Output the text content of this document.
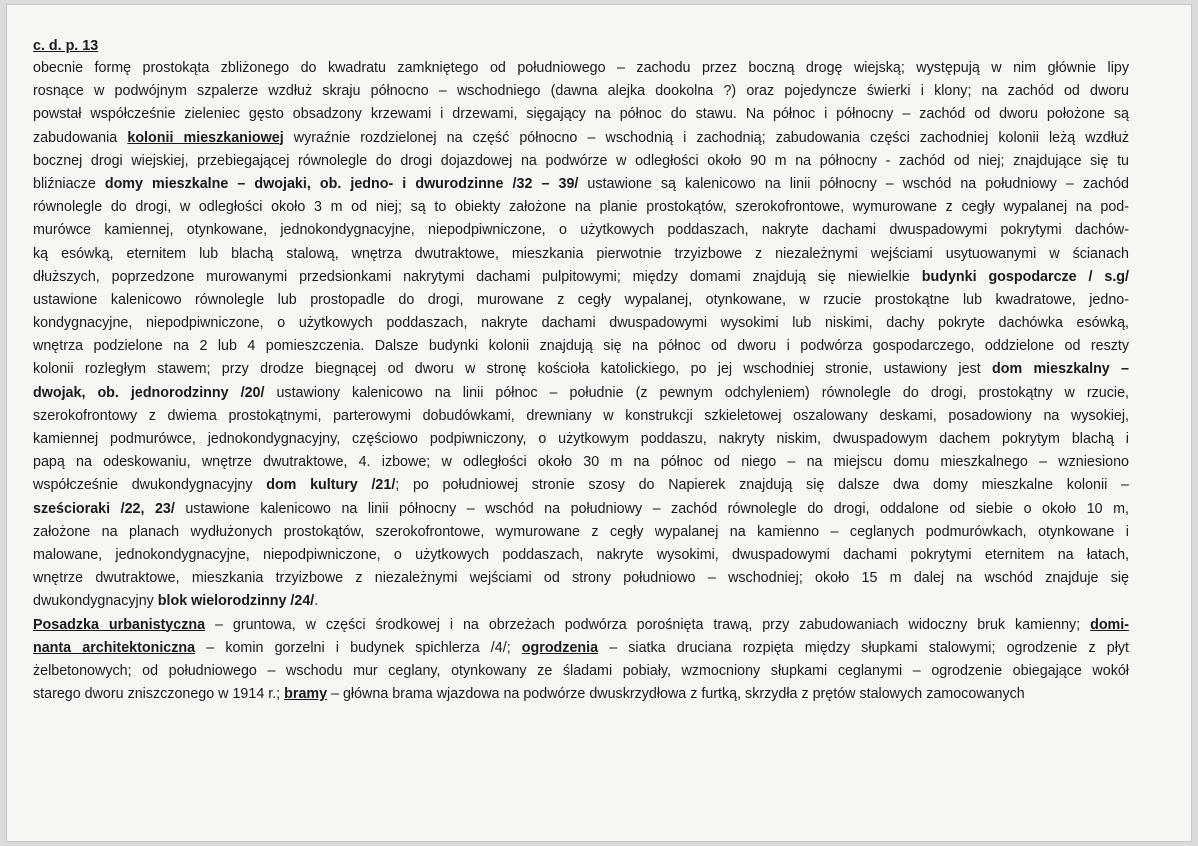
c. d. p. 13
obecnie formę prostokąta zbliżonego do kwadratu zamkniętego od południowego – zachodu przez boczną drogę wiejską; występują w nim głównie lipy
rosnące w podwójnym szpalerze wzdłuż skraju północno – wschodniego (dawna alejka dookolna ?) oraz pojedyncze świerki i klony; na zachód od dworu
powstał współcześnie zieleniec gęsto obsadzony krzewami i drzewami, sięgający na północ do stawu. Na północ i północny – zachód od dworu położone są
zabudowania kolonii mieszkaniowej wyraźnie rozdzielonej na część północno – wschodnią i zachodnią; zabudowania części zachodniej kolonii leżą wzdłuż
bocznej drogi wiejskiej, przebiegającej równolegle do drogi dojazdowej na podwórze w odległości około 90 m na północny - zachód od niej; znajdujące się tu
bliźniacze domy mieszkalne – dwojaki, ob. jedno- i dwurodzinne /32 – 39/ ustawione są kalenicowo na linii północny – wschód na południowy – zachód
równolegle do drogi, w odległości około 3 m od niej; są to obiekty założone na planie prostokątów, szerokofrontowe, wymurowane z cegły wypalanej na pod-
murówce kamiennej, otynkowane, jednokondygnacyjne, niepodpiwniczone, o użytkowych poddaszach, nakryte dachami dwuspadowymi pokrytymi dachów-
ką esówką, eternitem lub blachą stalową, wnętrza dwutraktowe, mieszkania pierwotnie trzyizbowe z niezależnymi wejściami usytuowanymi w ścianach
dłuższych, poprzedzone murowanymi przedsionkami nakrytymi dachami pulpitowymi; między domami znajdują się niewielkie budynki gospodarcze / s.g/
ustawione kalenicowo równolegle lub prostopadle do drogi, murowane z cegły wypalanej, otynkowane, w rzucie prostokątne lub kwadratowe, jedno-
kondygnacyjne, niepodpiwniczone, o użytkowych poddaszach, nakryte dachami dwuspadowymi wysokimi lub niskimi, dachy pokryte dachówka esówką,
wnętrza podzielone na 2 lub 4 pomieszczenia. Dalsze budynki kolonii znajdują się na północ od dworu i podwórza gospodarczego, oddzielone od reszty
kolonii rozległym stawem; przy drodze biegnącej od dworu w stronę kościoła katolickiego, po jej wschodniej stronie, ustawiony jest dom mieszkalny –
dwojak, ob. jednorodzinny /20/ ustawiony kalenicowo na linii północ – południe (z pewnym odchyleniem) równolegle do drogi, prostokątny w rzucie,
szerokofrontowy z dwiema prostokątnymi, parterowymi dobudówkami, drewniany w konstrukcji szkieletowej oszalowany deskami, posadowiony na wysokiej,
kamiennej podmurówce, jednokondygnacyjny, częściowo podpiwniczony, o użytkowym poddaszu, nakryty niskim, dwuspadowym dachem pokrytym blachą i
papą na odeskowaniu, wnętrze dwutraktowe, 4. izbowe; w odległości około 30 m na północ od niego – na miejscu domu mieszkalnego – wzniesiono
współcześnie dwukondygnacyjny dom kultury /21/; po południowej stronie szosy do Napierek znajdują się dalsze dwa domy mieszkalne kolonii –
sześcioraki /22, 23/ ustawione kalenicowo na linii północny – wschód na południowy – zachód równolegle do drogi, oddalone od siebie o około 10 m,
założone na planach wydłużonych prostokątów, szerokofrontowe, wymurowane z cegły wypalanej na kamienno – ceglanych podmurówkach, otynkowane i
malowane, jednokondygnacyjne, niepodpiwniczone, o użytkowych poddaszach, nakryte wysokimi, dwuspadowymi dachami pokrytymi eternitem na łatach,
wnętrze dwutraktowe, mieszkania trzyizbowe z niezależnymi wejściami od strony południowo – wschodniej; około 15 m dalej na wschód znajduje się
dwukondygnacyjny blok wielorodzinny /24/.
Posadzka urbanistyczna – gruntowa, w części środkowej i na obrzeżach podwórza porośnięta trawą, przy zabudowaniach widoczny bruk kamienny; domi-
nanta architektoniczna – komin gorzelni i budynek spichlerza /4/; ogrodzenia – siatka druciana rozpięta między słupkami stalowymi; ogrodzenie z płyt
żelbetonowych; od południowego – wschodu mur ceglany, otynkowany ze śladami pobiały, wzmocniony słupkami ceglanymi – ogrodzenie obiegające wokół
starego dworu zniszczonego w 1914 r.; bramy – główna brama wjazdowa na podwórze dwuskrzydłowa z furtką, skrzydła z prętów stalowych zamocowanych
